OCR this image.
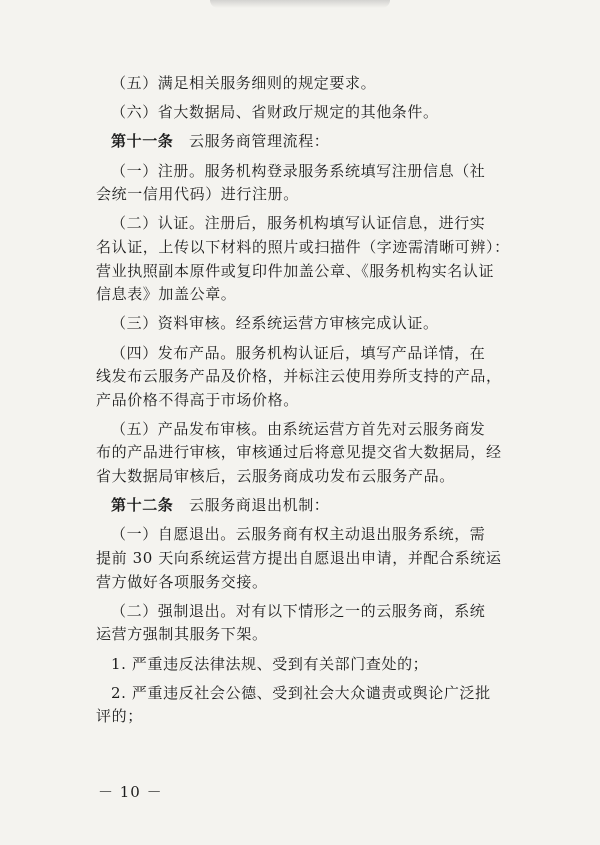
（五）满足相关服务细则的规定要求。
（六）省大数据局、省财政厅规定的其他条件。
第十一条　云服务商管理流程：
（一）注册。服务机构登录服务系统填写注册信息（社
会统一信用代码）进行注册。
（二）认证。注册后，服务机构填写认证信息，进行实
名认证，上传以下材料的照片或扫描件（字迹需清晰可辨）：
营业执照副本原件或复印件加盖公章、《服务机构实名认证
信息表》加盖公章。
（三）资料审核。经系统运营方审核完成认证。
（四）发布产品。服务机构认证后，填写产品详情，在
线发布云服务产品及价格，并标注云使用券所支持的产品，
产品价格不得高于市场价格。
（五）产品发布审核。由系统运营方首先对云服务商发
布的产品进行审核，审核通过后将意见提交省大数据局，经
省大数据局审核后，云服务商成功发布云服务产品。
第十二条　云服务商退出机制：
（一）自愿退出。云服务商有权主动退出服务系统，需
提前 30 天向系统运营方提出自愿退出申请，并配合系统运
营方做好各项服务交接。
（二）强制退出。对有以下情形之一的云服务商，系统
运营方强制其服务下架。
1. 严重违反法律法规、受到有关部门查处的；
2. 严重违反社会公德、受到社会大众谴责或舆论广泛批
评的；
－ 10 －
